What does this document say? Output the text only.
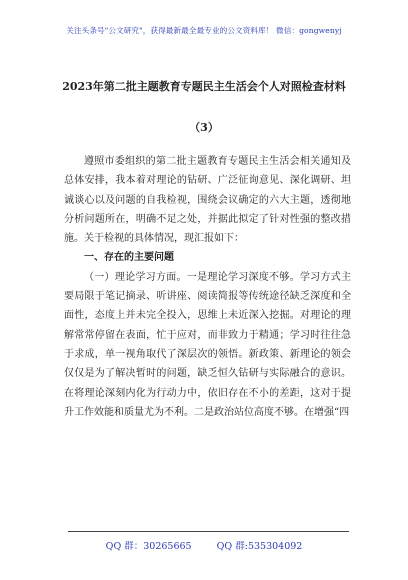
关注头条号"公文研究"，获得最新最全最专业的公文资料库！ 微信：gongwenyj
2023年第二批主题教育专题民主生活会个人对照检查材料
（3）

遵照市委组织的第二批主题教育专题民主生活会相关通知及总体安排，我本着对理论的钻研、广泛征询意见、深化调研、坦诚谈心以及问题的自我检视，围绕会议确定的六大主题，透彻地分析问题所在，明确不足之处，并据此拟定了针对性强的整改措施。关于检视的具体情况，现汇报如下：

一、存在的主要问题

（一）理论学习方面。一是理论学习深度不够。学习方式主要局限于笔记摘录、听讲座、阅读简报等传统途径缺乏深度和全面性，态度上并未完全投入，思维上未近深入挖掘。对理论的理解常常停留在表面，忙于应对，而非致力于精通；学习时往往急于求成，单一视角取代了深层次的领悟。新政策、新理论的领会仅仅是为了解决暂时的问题，缺乏恒久钻研与实际融合的意识。在将理论深刻内化为行动力中，依旧存在不小的差距，这对于提升工作效能和质量尤为不利。二是政治站位高度不够。在增强“四

QQ 群：30265665	QQ 群:535304092
